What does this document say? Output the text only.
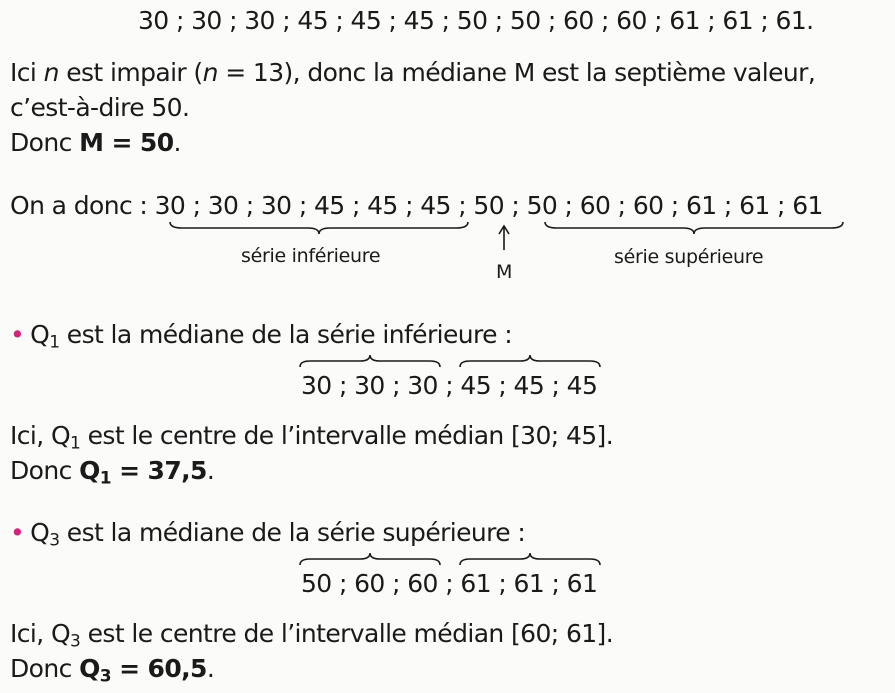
30 ; 30 ; 30 ; 45 ; 45 ; 45 ; 50 ; 50 ; 60 ; 60 ; 61 ; 61 ; 61.
Ici n est impair (n = 13), donc la médiane M est la septième valeur,
c’est-à-dire 50.
Donc M = 50.
On a donc : 30 ; 30 ; 30 ; 45 ; 45 ; 45 ; 50 ; 50 ; 60 ; 60 ; 61 ; 61 ; 61
série inférieure
M
série supérieure
• $Q_1$ est la médiane de la série inférieure :
30 ; 30 ; 30 ; 45 ; 45 ; 45
Ici, $Q_1$ est le centre de l’intervalle médian [30; 45].
Donc $Q_1 = 37,5$.
• $Q_3$ est la médiane de la série supérieure :
50 ; 60 ; 60 ; 61 ; 61 ; 61
Ici, $Q_3$ est le centre de l’intervalle médian [60; 61].
Donc $Q_3 = 60,5$.
